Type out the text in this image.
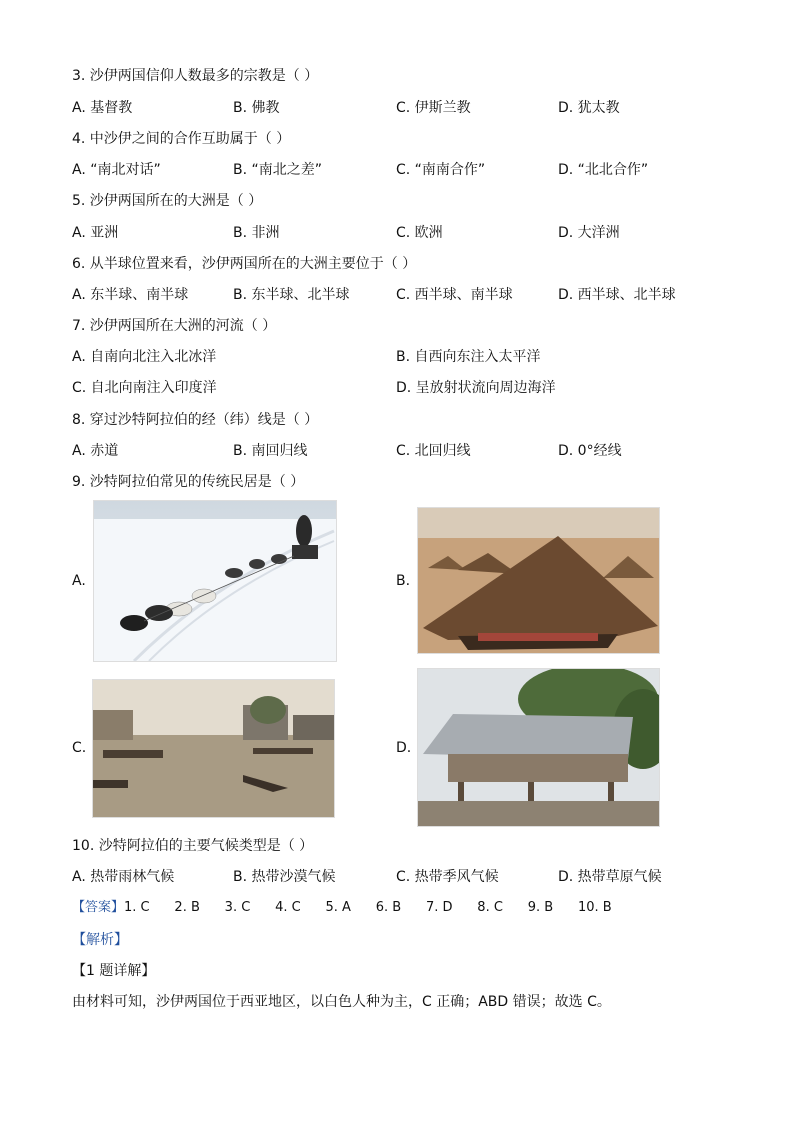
3. 沙伊两国信仰人数最多的宗教是（ ）
A. 基督教	B. 佛教	C. 伊斯兰教	D. 犹太教
4. 中沙伊之间的合作互助属于（ ）
A. “南北对话”	B. “南北之差”	C. “南南合作”	D. “北北合作”
5. 沙伊两国所在的大洲是（ ）
A. 亚洲	B. 非洲	C. 欧洲	D. 大洋洲
6. 从半球位置来看，沙伊两国所在的大洲主要位于（ ）
A. 东半球、南半球	B. 东半球、北半球	C. 西半球、南半球	D. 西半球、北半球
7. 沙伊两国所在大洲的河流（ ）
A. 自南向北注入北冰洋	B. 自西向东注入太平洋
C. 自北向南注入印度洋	D. 呈放射状流向周边海洋
8. 穿过沙特阿拉伯的经（纬）线是（ ）
A. 赤道	B. 南回归线	C. 北回归线	D. 0°经线
9. 沙特阿拉伯常见的传统民居是（ ）
A.	B.
C.	D.
10. 沙特阿拉伯的主要气候类型是（ ）
A. 热带雨林气候	B. 热带沙漠气候	C. 热带季风气候	D. 热带草原气候
【答案】1. C      2. B      3. C      4. C      5. A      6. B      7. D      8. C      9. B      10. B
【解析】
【1 题详解】
由材料可知，沙伊两国位于西亚地区，以白色人种为主，C 正确；ABD 错误；故选 C。
